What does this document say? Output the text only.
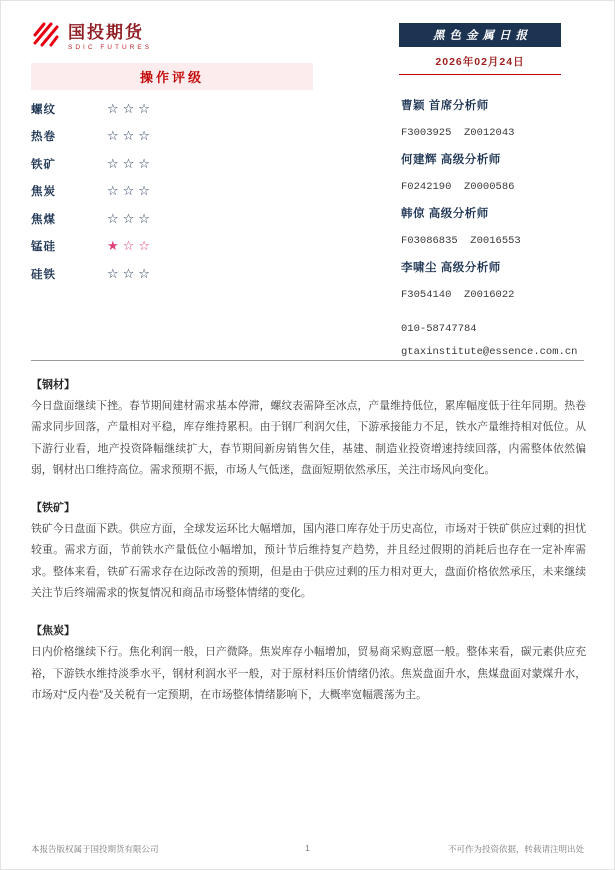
国投期货
SDIC FUTURES
黑色金属日报
2026年02月24日
操作评级
螺纹	☆☆☆
热卷	☆☆☆
铁矿	☆☆☆
焦炭	☆☆☆
焦煤	☆☆☆
锰硅	★☆☆
硅铁	☆☆☆
曹颖 首席分析师
F3003925  Z0012043
何建辉 高级分析师
F0242190  Z0000586
韩倞 高级分析师
F03086835  Z0016553
李啸尘 高级分析师
F3054140  Z0016022
010-58747784
gtaxinstitute@essence.com.cn
【钢材】

今日盘面继续下挫。春节期间建材需求基本停滞，螺纹表需降至冰点，产量维持低位，累库幅度低于往年同期。热卷需求同步回落，产量相对平稳，库存维持累积。由于钢厂利润欠佳，下游承接能力不足，铁水产量维持相对低位。从下游行业看，地产投资降幅继续扩大，春节期间新房销售欠佳，基建、制造业投资增速持续回落，内需整体依然偏弱，钢材出口维持高位。需求预期不振，市场人气低迷，盘面短期依然承压，关注市场风向变化。

【铁矿】

铁矿今日盘面下跌。供应方面，全球发运环比大幅增加，国内港口库存处于历史高位，市场对于铁矿供应过剩的担忧较重。需求方面，节前铁水产量低位小幅增加，预计节后维持复产趋势，并且经过假期的消耗后也存在一定补库需求。整体来看，铁矿石需求存在边际改善的预期，但是由于供应过剩的压力相对更大，盘面价格依然承压，未来继续关注节后终端需求的恢复情况和商品市场整体情绪的变化。

【焦炭】

日内价格继续下行。焦化利润一般，日产微降。焦炭库存小幅增加，贸易商采购意愿一般。整体来看，碳元素供应充裕，下游铁水维持淡季水平，钢材利润水平一般，对于原材料压价情绪仍浓。焦炭盘面升水，焦煤盘面对蒙煤升水，市场对“反内卷”及关税有一定预期，在市场整体情绪影响下，大概率宽幅震荡为主。

1
本报告版权属于国投期货有限公司	不可作为投资依据，转载请注明出处
